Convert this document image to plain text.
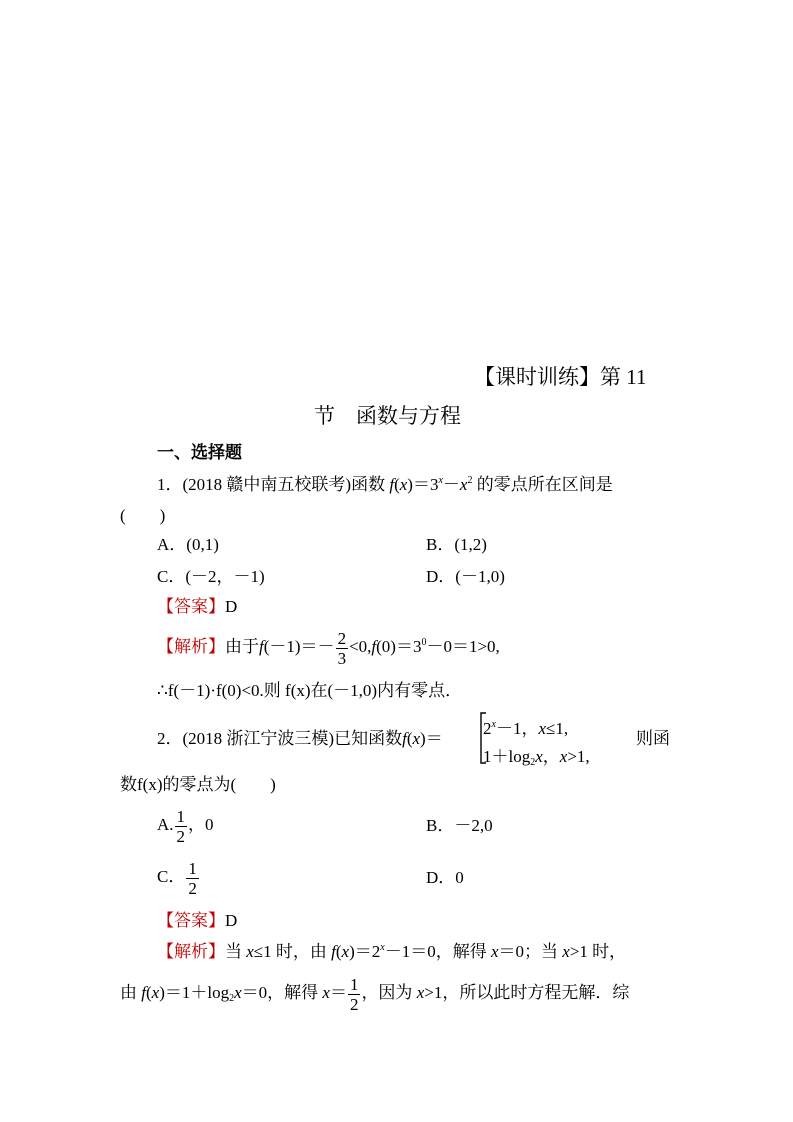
【课时训练】第 11
节　函数与方程
一、选择题
1．(2018 赣中南五校联考)函数 $f(x)=3^x-x^2$ 的零点所在区间是
(　　)
A．(0,1)	B．(1,2)
C．(－2，－1)	D．(－1,0)
【答案】D
【解析】由于$f(-1)=- \frac{2}{3} <0,f(0)=3^0-0=1>0$,
∴f(－1)·f(0)<0.则 f(x)在(－1,0)内有零点．
2．(2018 浙江宁波三模)已知函数f(x)＝
$2^x-1$，x≤1,
$1+\log_2x$，x>1,
则函
数f(x)的零点为(　　)
A. $\frac{1}{2}$ ，0	B．－2,0
C． $\frac{1}{2}$	D．0
【答案】D
【解析】当 x≤1 时，由 $f(x)=2^x-1=0$，解得 x＝0；当 x>1 时，
由 $f(x)=1+\log_2x=0$，解得 $x= \frac{1}{2}$ ，因为 x>1，所以此时方程无解．综
